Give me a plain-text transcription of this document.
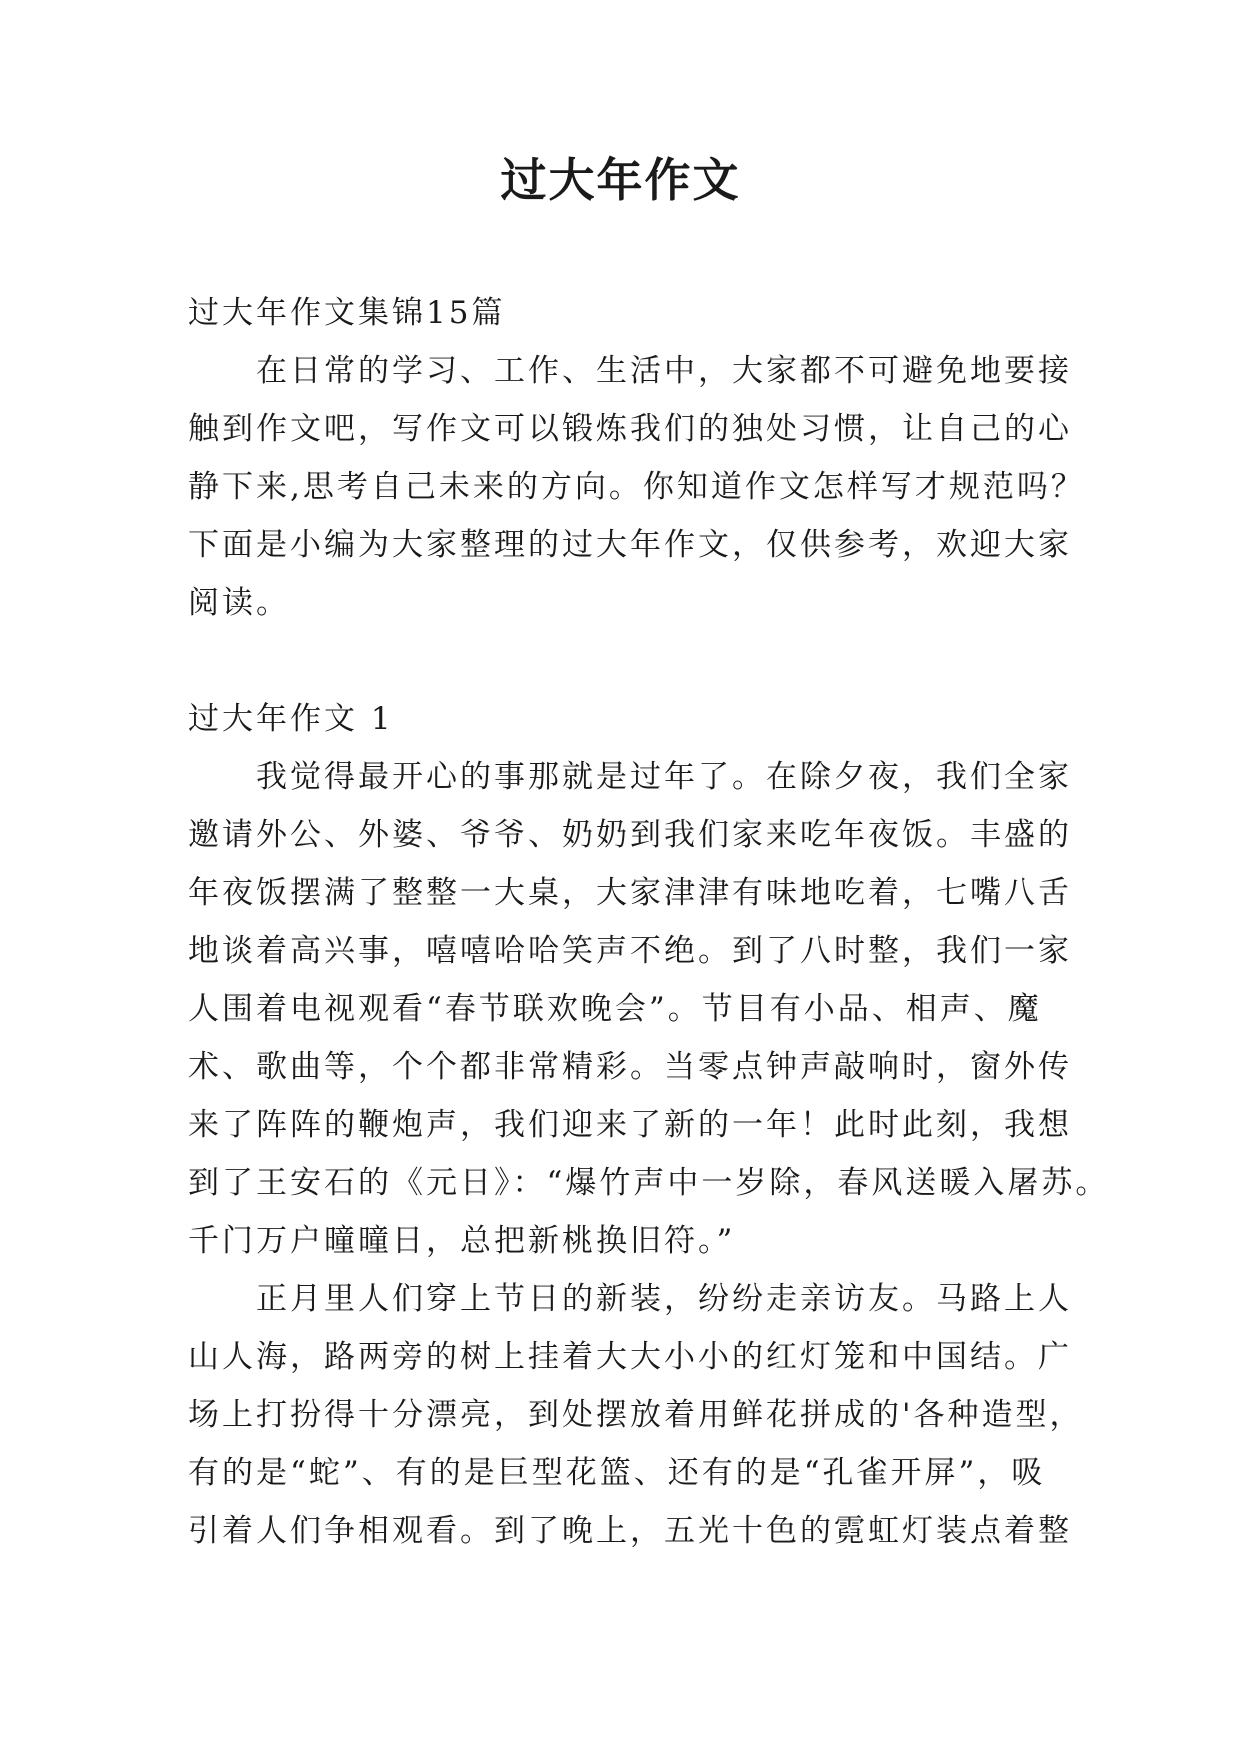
过大年作文
过大年作文集锦15篇
在日常的学习、工作、生活中，大家都不可避免地要接
触到作文吧，写作文可以锻炼我们的独处习惯，让自己的心
静下来,思考自己未来的方向。你知道作文怎样写才规范吗？
下面是小编为大家整理的过大年作文，仅供参考，欢迎大家
阅读。
过大年作文 1
我觉得最开心的事那就是过年了。在除夕夜，我们全家
邀请外公、外婆、爷爷、奶奶到我们家来吃年夜饭。丰盛的
年夜饭摆满了整整一大桌，大家津津有味地吃着，七嘴八舌
地谈着高兴事，嘻嘻哈哈笑声不绝。到了八时整，我们一家
人围着电视观看“春节联欢晚会”。节目有小品、相声、魔
术、歌曲等，个个都非常精彩。当零点钟声敲响时，窗外传
来了阵阵的鞭炮声，我们迎来了新的一年！此时此刻，我想
到了王安石的《元日》：“爆竹声中一岁除，春风送暖入屠苏。
千门万户曈曈日，总把新桃换旧符。”
正月里人们穿上节日的新装，纷纷走亲访友。马路上人
山人海，路两旁的树上挂着大大小小的红灯笼和中国结。广
场上打扮得十分漂亮，到处摆放着用鲜花拼成的'各种造型，
有的是“蛇”、有的是巨型花篮、还有的是“孔雀开屏”，吸
引着人们争相观看。到了晚上，五光十色的霓虹灯装点着整
